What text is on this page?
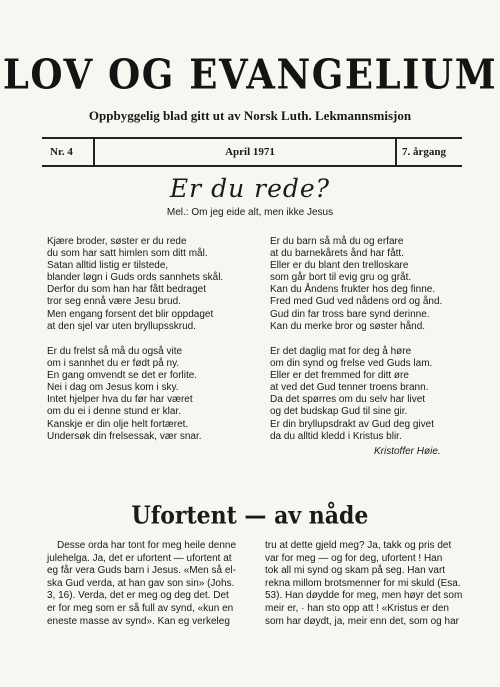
LOV OG EVANGELIUM
Oppbyggelig blad gitt ut av Norsk Luth. Lekmannsmisjon
Nr. 4	April 1971	7. årgang
Er du rede?
Mel.: Om jeg eide alt, men ikke Jesus
Kjære broder, søster er du rede
du som har satt himlen som ditt mål.
Satan alltid listig er tilstede,
blander løgn i Guds ords sannhets skål.
Derfor du som han har fått bedraget
tror seg ennå være Jesu brud.
Men engang forsent det blir oppdaget
at den sjel var uten bryllupsskrud.
Er du frelst så må du også vite
om i sannhet du er født på ny.
En gang omvendt se det er forlite.
Nei i dag om Jesus kom i sky.
Intet hjelper hva du før har været
om du ei i denne stund er klar.
Kanskje er din olje helt fortæret.
Undersøk din frelsessak, vær snar.
Er du barn så må du og erfare
at du barnekårets ånd har fått.
Eller er du blant den trelloskare
som går bort til evig gru og gråt.
Kan du Åndens frukter hos deg finne.
Fred med Gud ved nådens ord og ånd.
Gud din far tross bare synd derinne.
Kan du merke bror og søster hånd.
Er det daglig mat for deg å høre
om din synd og frelse ved Guds lam.
Eller er det fremmed for ditt øre
at ved det Gud tenner troens brann.
Da det spørres om du selv har livet
og det budskap Gud til sine gir.
Er din bryllupsdrakt av Gud deg givet
da du alltid kledd i Kristus blir.
Kristoffer Høie.
Ufortent — av nåde
Desse orda har tont for meg heile denne
julehelga. Ja, det er ufortent — ufortent at
eg får vera Guds barn i Jesus. «Men så el-
ska Gud verda, at han gav son sin» (Johs.
3, 16). Verda, det er meg og deg det. Det
er for meg som er så full av synd, «kun en
eneste masse av synd». Kan eg verkeleg
tru at dette gjeld meg? Ja, takk og pris det
var for meg — og for deg, ufortent ! Han
tok all mi synd og skam på seg. Han vart
rekna millom brotsmenner for mi skuld (Esa.
53). Han døydde for meg, men høyr det som
meir er, · han sto opp att ! «Kristus er den
som har døydt, ja, meir enn det, som og har
